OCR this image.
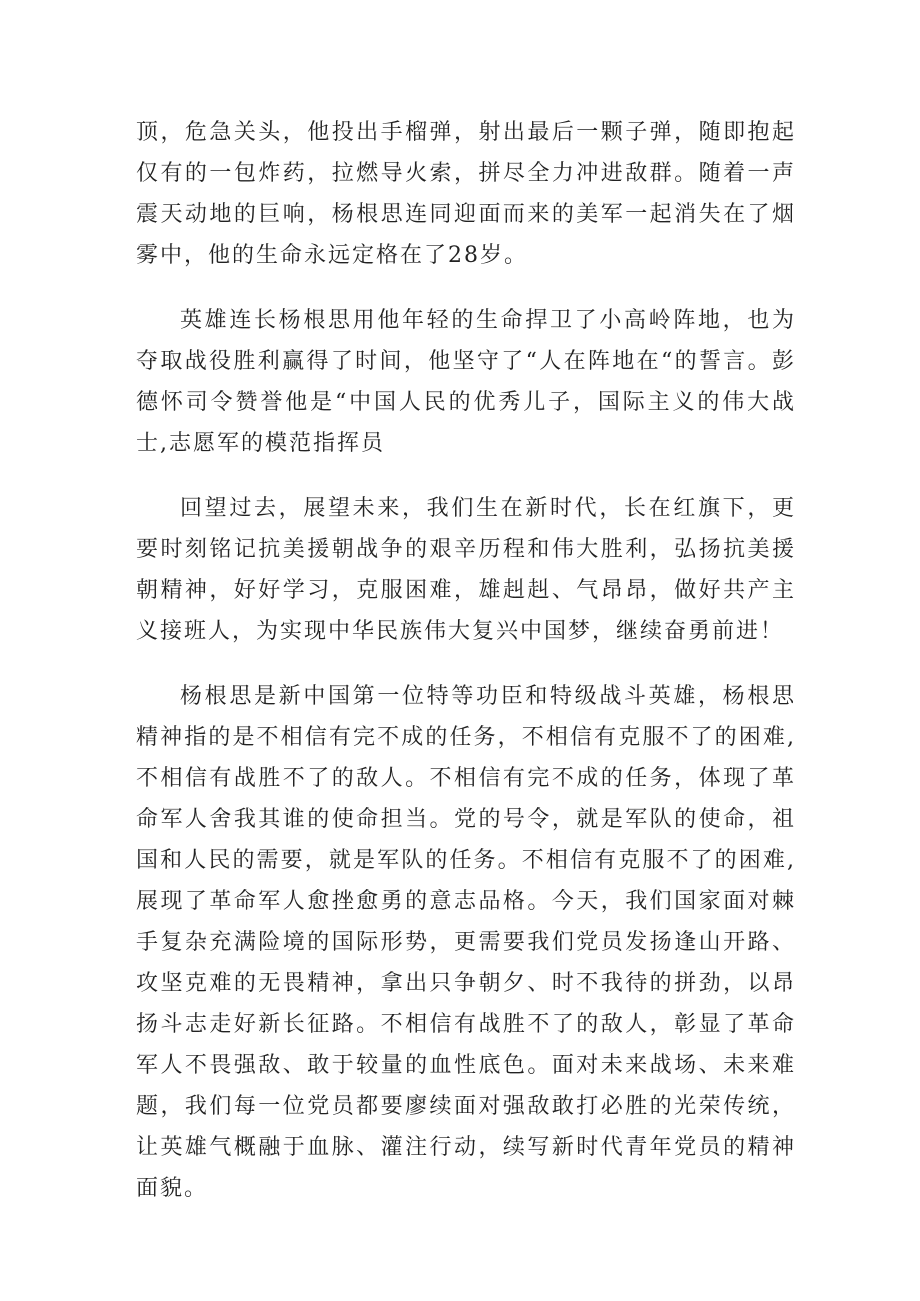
顶，危急关头，他投出手榴弹，射出最后一颗子弹，随即抱起仅有的一包炸药，拉燃导火索，拼尽全力冲进敌群。随着一声震天动地的巨响，杨根思连同迎面而来的美军一起消失在了烟雾中，他的生命永远定格在了28岁。

英雄连长杨根思用他年轻的生命捍卫了小高岭阵地，也为夺取战役胜利赢得了时间，他坚守了“人在阵地在“的誓言。彭德怀司令赞誉他是“中国人民的优秀儿子，国际主义的伟大战士,志愿军的模范指挥员

回望过去，展望未来，我们生在新时代，长在红旗下，更要时刻铭记抗美援朝战争的艰辛历程和伟大胜利，弘扬抗美援朝精神，好好学习，克服困难，雄赳赳、气昂昂，做好共产主义接班人，为实现中华民族伟大复兴中国梦，继续奋勇前进！

杨根思是新中国第一位特等功臣和特级战斗英雄，杨根思精神指的是不相信有完不成的任务，不相信有克服不了的困难,不相信有战胜不了的敌人。不相信有完不成的任务，体现了革命军人舍我其谁的使命担当。党的号令，就是军队的使命，祖国和人民的需要，就是军队的任务。不相信有克服不了的困难,展现了革命军人愈挫愈勇的意志品格。今天，我们国家面对棘手复杂充满险境的国际形势，更需要我们党员发扬逢山开路、攻坚克难的无畏精神，拿出只争朝夕、时不我待的拼劲，以昂扬斗志走好新长征路。不相信有战胜不了的敌人，彰显了革命军人不畏强敌、敢于较量的血性底色。面对未来战场、未来难题，我们每一位党员都要廖续面对强敌敢打必胜的光荣传统，让英雄气概融于血脉、灌注行动，续写新时代青年党员的精神面貌。
